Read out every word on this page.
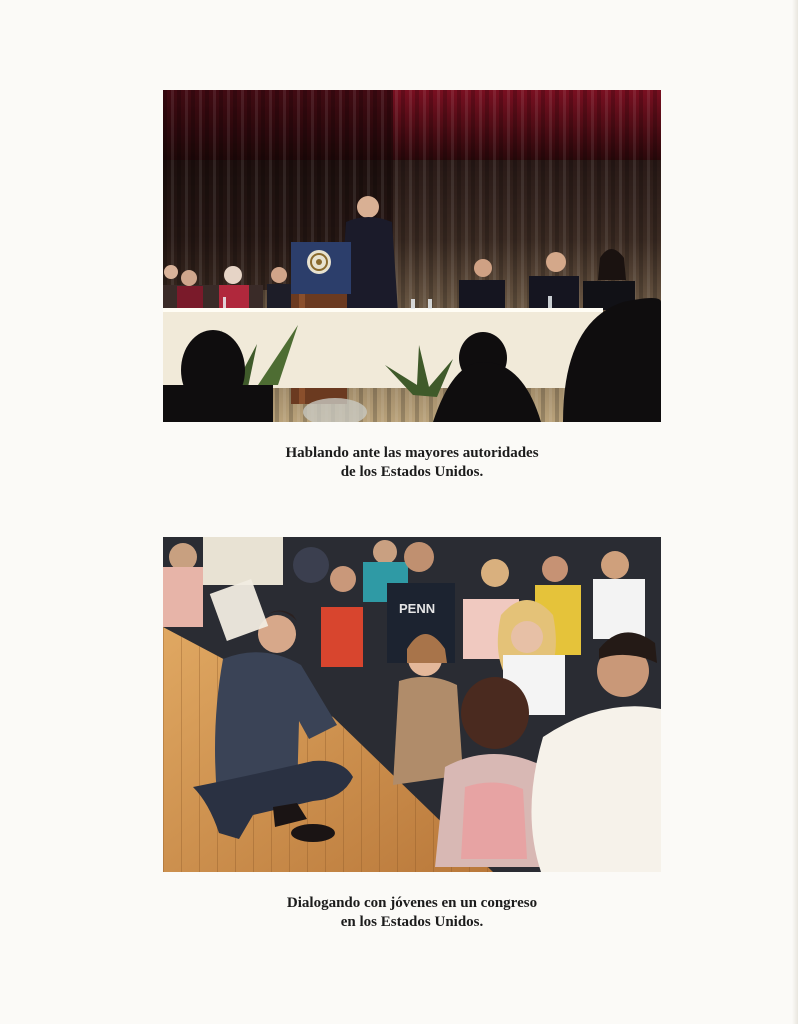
Hablando ante las mayores autoridades
de los Estados Unidos.
PENN
Dialogando con jóvenes en un congreso
en los Estados Unidos.
